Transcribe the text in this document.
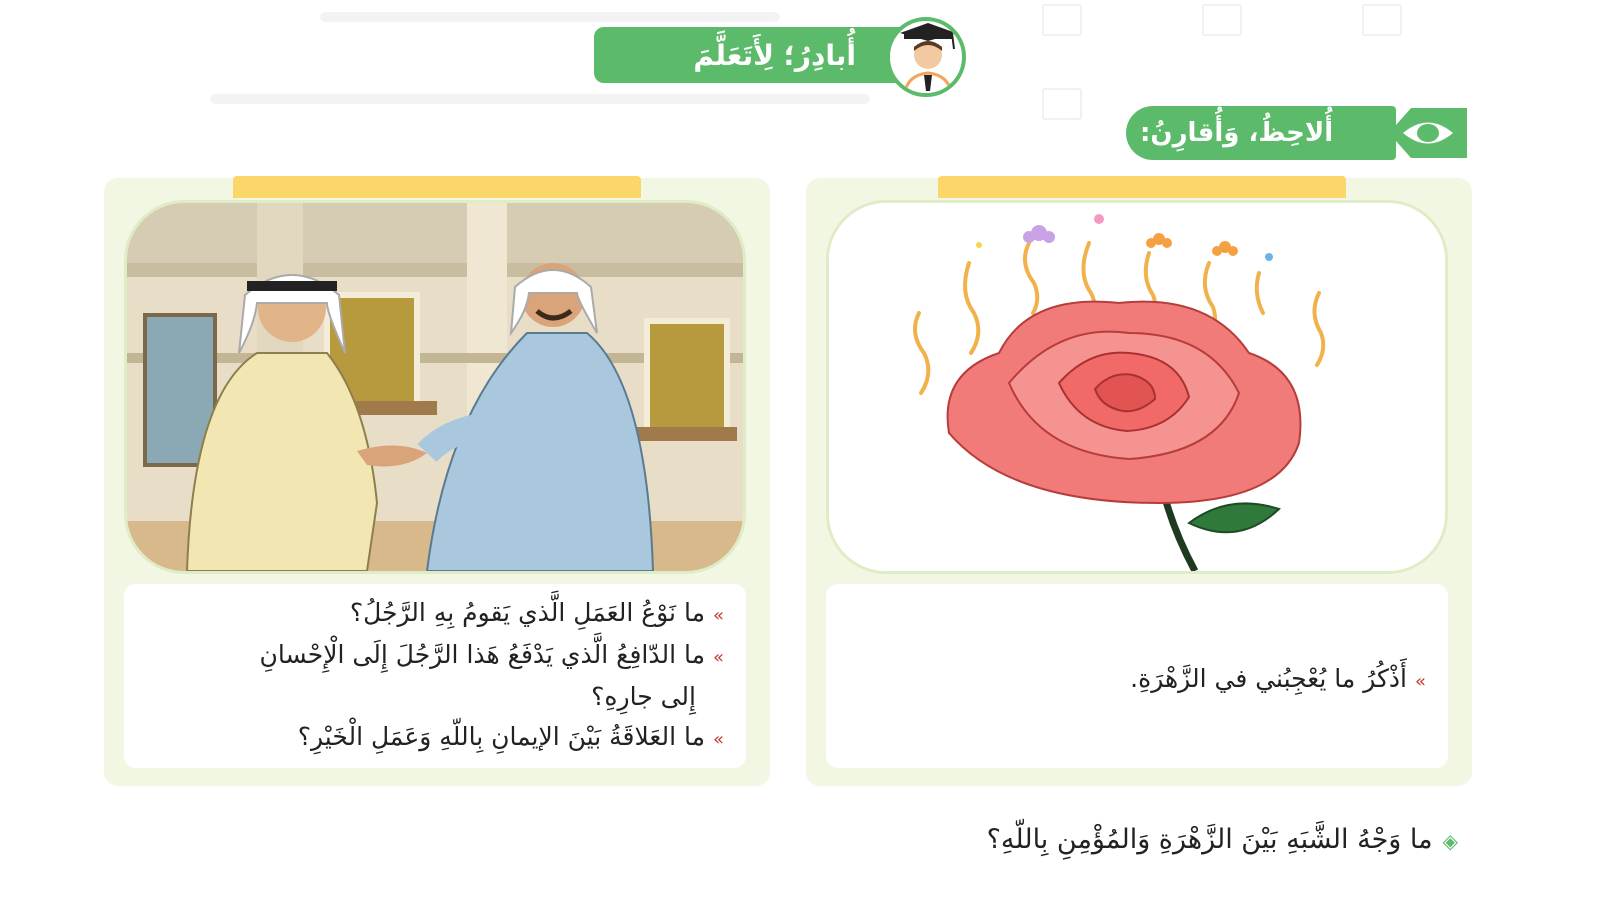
أُبادِرُ؛ لِأَتَعَلَّمَ
أُلاحِظُ، وَأُقارِنُ:
»ما نَوْعُ العَمَلِ الَّذي يَقومُ بِهِ الرَّجُلُ؟
»ما الدّافِعُ الَّذي يَدْفَعُ هَذا الرَّجُلَ إِلَى الْإِحْسانِ
إِلى جارِهِ؟
»ما العَلاقَةُ بَيْنَ الإيمانِ بِاللّهِ وَعَمَلِ الْخَيْرِ؟
»أَذْكُرُ ما يُعْجِبُني في الزَّهْرَةِ.
◈ما وَجْهُ الشَّبَهِ بَيْنَ الزَّهْرَةِ وَالمُؤْمِنِ بِاللّهِ؟
